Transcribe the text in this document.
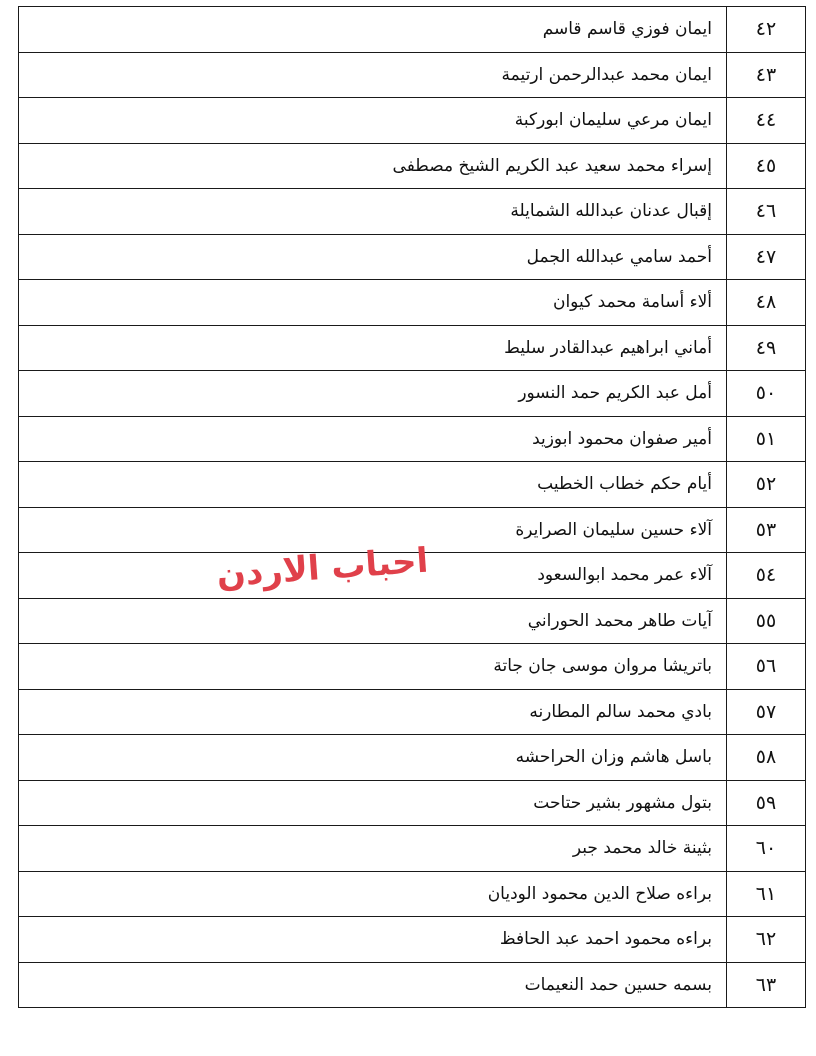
٤٢	ايمان فوزي قاسم قاسم
٤٣	ايمان محمد عبدالرحمن ارتيمة
٤٤	ايمان مرعي سليمان ابوركبة
٤٥	إسراء محمد سعيد عبد الكريم الشيخ مصطفى
٤٦	إقبال عدنان عبدالله الشمايلة
٤٧	أحمد سامي عبدالله الجمل
٤٨	ألاء أسامة محمد كيوان
٤٩	أماني ابراهيم عبدالقادر سليط
٥٠	أمل عبد الكريم حمد النسور
٥١	أمير صفوان محمود ابوزيد
٥٢	أيام حكم خطاب الخطيب
٥٣	آلاء حسين سليمان الصرايرة
٥٤	آلاء عمر محمد ابوالسعود
٥٥	آيات طاهر محمد الحوراني
٥٦	باتريشا مروان موسى جان جاتة
٥٧	بادي محمد سالم المطارنه
٥٨	باسل هاشم وزان الحراحشه
٥٩	بتول مشهور بشير حتاحت
٦٠	بثينة خالد محمد جبر
٦١	براءه صلاح الدين محمود الوديان
٦٢	براءه محمود احمد عبد الحافظ
٦٣	بسمه حسين حمد النعيمات
احباب الاردن
